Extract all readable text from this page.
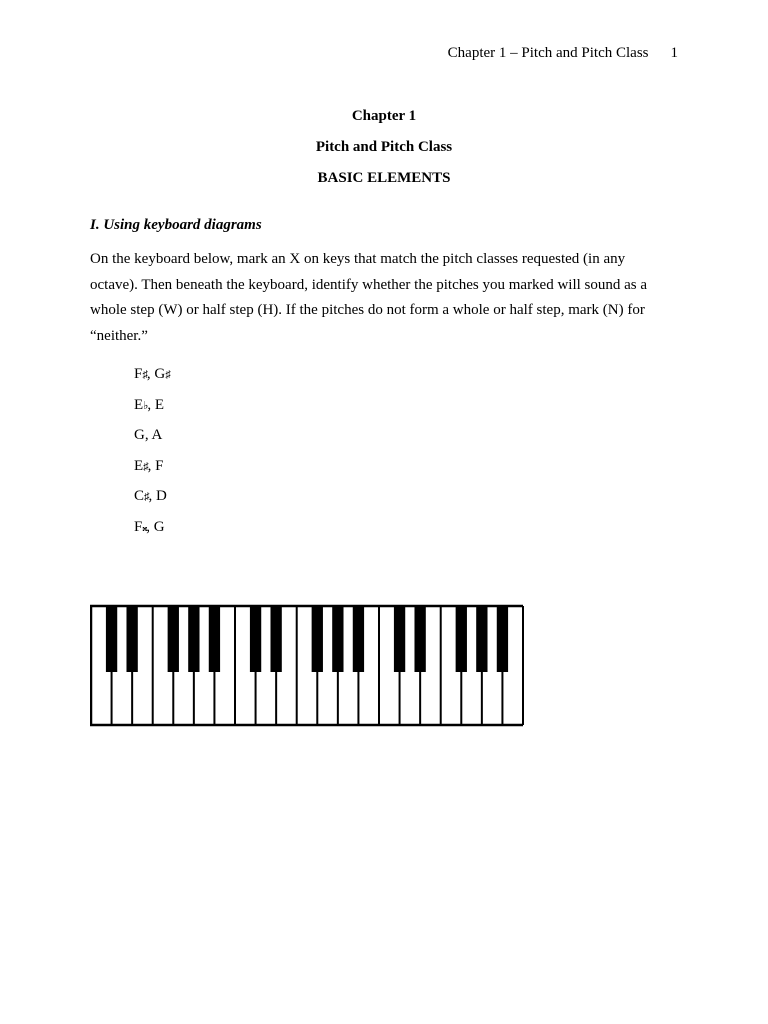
Chapter 1 – Pitch and Pitch Class 1
Chapter 1
Pitch and Pitch Class
BASIC ELEMENTS
I. Using keyboard diagrams
On the keyboard below, mark an X on keys that match the pitch classes requested (in any octave). Then beneath the keyboard, identify whether the pitches you marked will sound as a whole step (W) or half step (H). If the pitches do not form a whole or half step, mark (N) for “neither.”
F♯, G♯
E♭, E
G, A
E♯, F
C♯, D
F𝄪, G
